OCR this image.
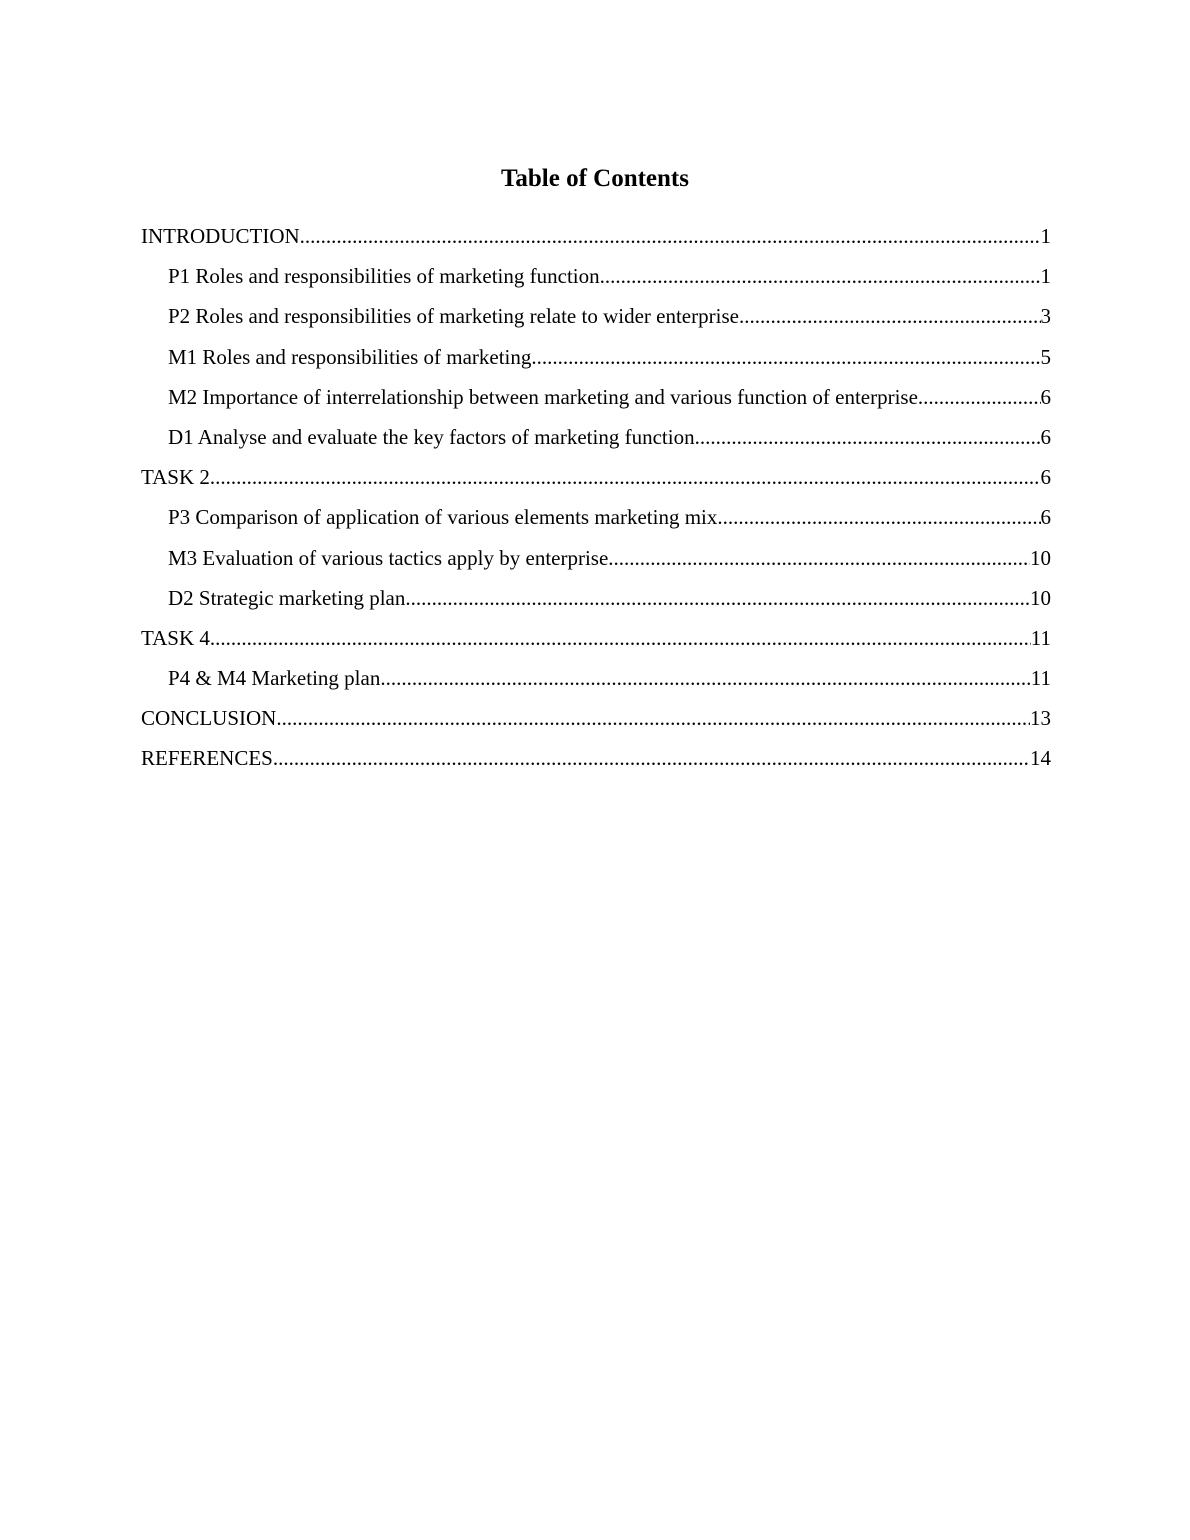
Table of Contents
INTRODUCTION .....	1
P1 Roles and responsibilities of marketing function .....	1
P2 Roles and responsibilities of marketing relate to wider enterprise .....	3
M1 Roles and responsibilities of marketing .....	5
M2 Importance of interrelationship between marketing and various function of enterprise .....	6
D1 Analyse and evaluate the key factors of marketing function .....	6
TASK 2 .....	6
P3 Comparison of application of various elements marketing mix .....	6
M3 Evaluation of various tactics apply by enterprise .....	10
D2 Strategic marketing plan .....	10
TASK 4 .....	11
P4 & M4 Marketing plan .....	11
CONCLUSION .....	13
REFERENCES .....	14
